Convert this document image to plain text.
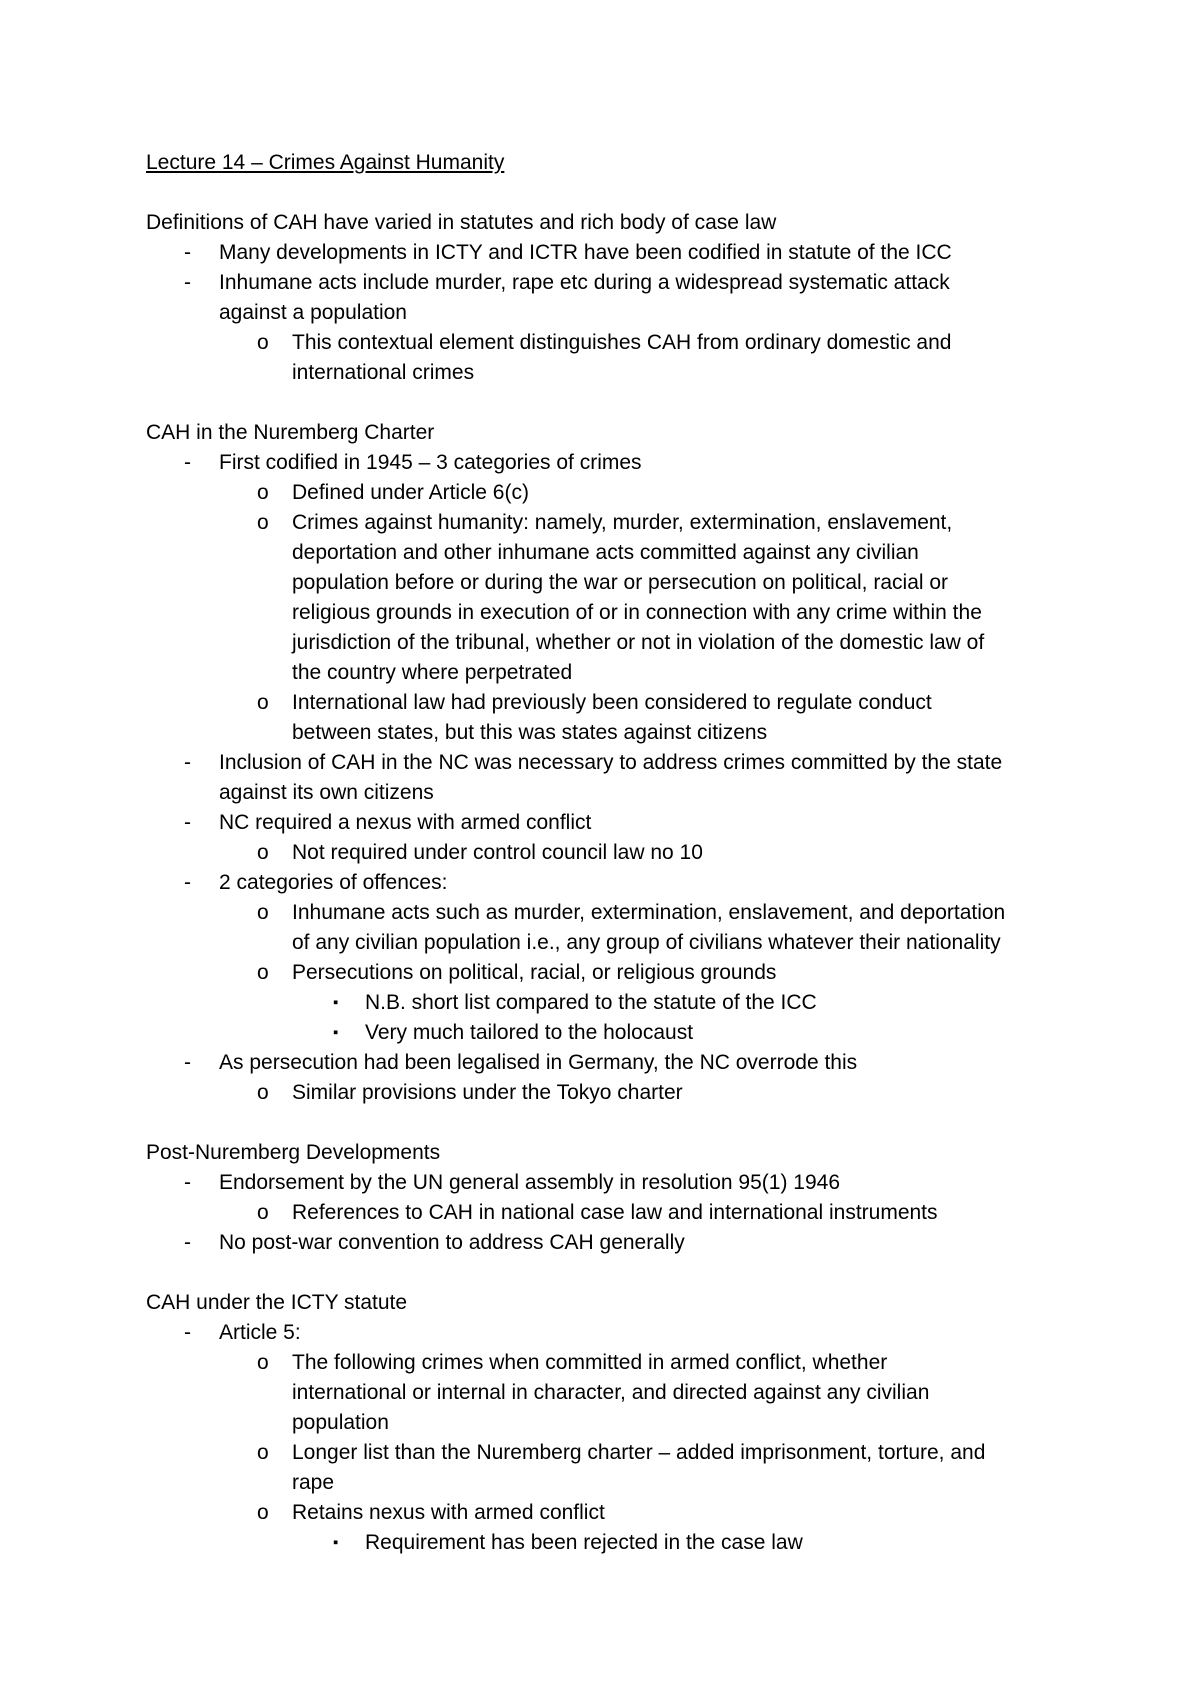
Lecture 14 – Crimes Against Humanity
Definitions of CAH have varied in statutes and rich body of case law
- Many developments in ICTY and ICTR have been codified in statute of the ICC
- Inhumane acts include murder, rape etc during a widespread systematic attack
against a population
o This contextual element distinguishes CAH from ordinary domestic and
international crimes
CAH in the Nuremberg Charter
- First codified in 1945 – 3 categories of crimes
o Defined under Article 6(c)
o Crimes against humanity: namely, murder, extermination, enslavement,
deportation and other inhumane acts committed against any civilian
population before or during the war or persecution on political, racial or
religious grounds in execution of or in connection with any crime within the
jurisdiction of the tribunal, whether or not in violation of the domestic law of
the country where perpetrated
o International law had previously been considered to regulate conduct
between states, but this was states against citizens
- Inclusion of CAH in the NC was necessary to address crimes committed by the state
against its own citizens
- NC required a nexus with armed conflict
o Not required under control council law no 10
- 2 categories of offences:
o Inhumane acts such as murder, extermination, enslavement, and deportation
of any civilian population i.e., any group of civilians whatever their nationality
o Persecutions on political, racial, or religious grounds
▪ N.B. short list compared to the statute of the ICC
▪ Very much tailored to the holocaust
- As persecution had been legalised in Germany, the NC overrode this
o Similar provisions under the Tokyo charter
Post-Nuremberg Developments
- Endorsement by the UN general assembly in resolution 95(1) 1946
o References to CAH in national case law and international instruments
- No post-war convention to address CAH generally
CAH under the ICTY statute
- Article 5:
o The following crimes when committed in armed conflict, whether
international or internal in character, and directed against any civilian
population
o Longer list than the Nuremberg charter – added imprisonment, torture, and
rape
o Retains nexus with armed conflict
▪ Requirement has been rejected in the case law
